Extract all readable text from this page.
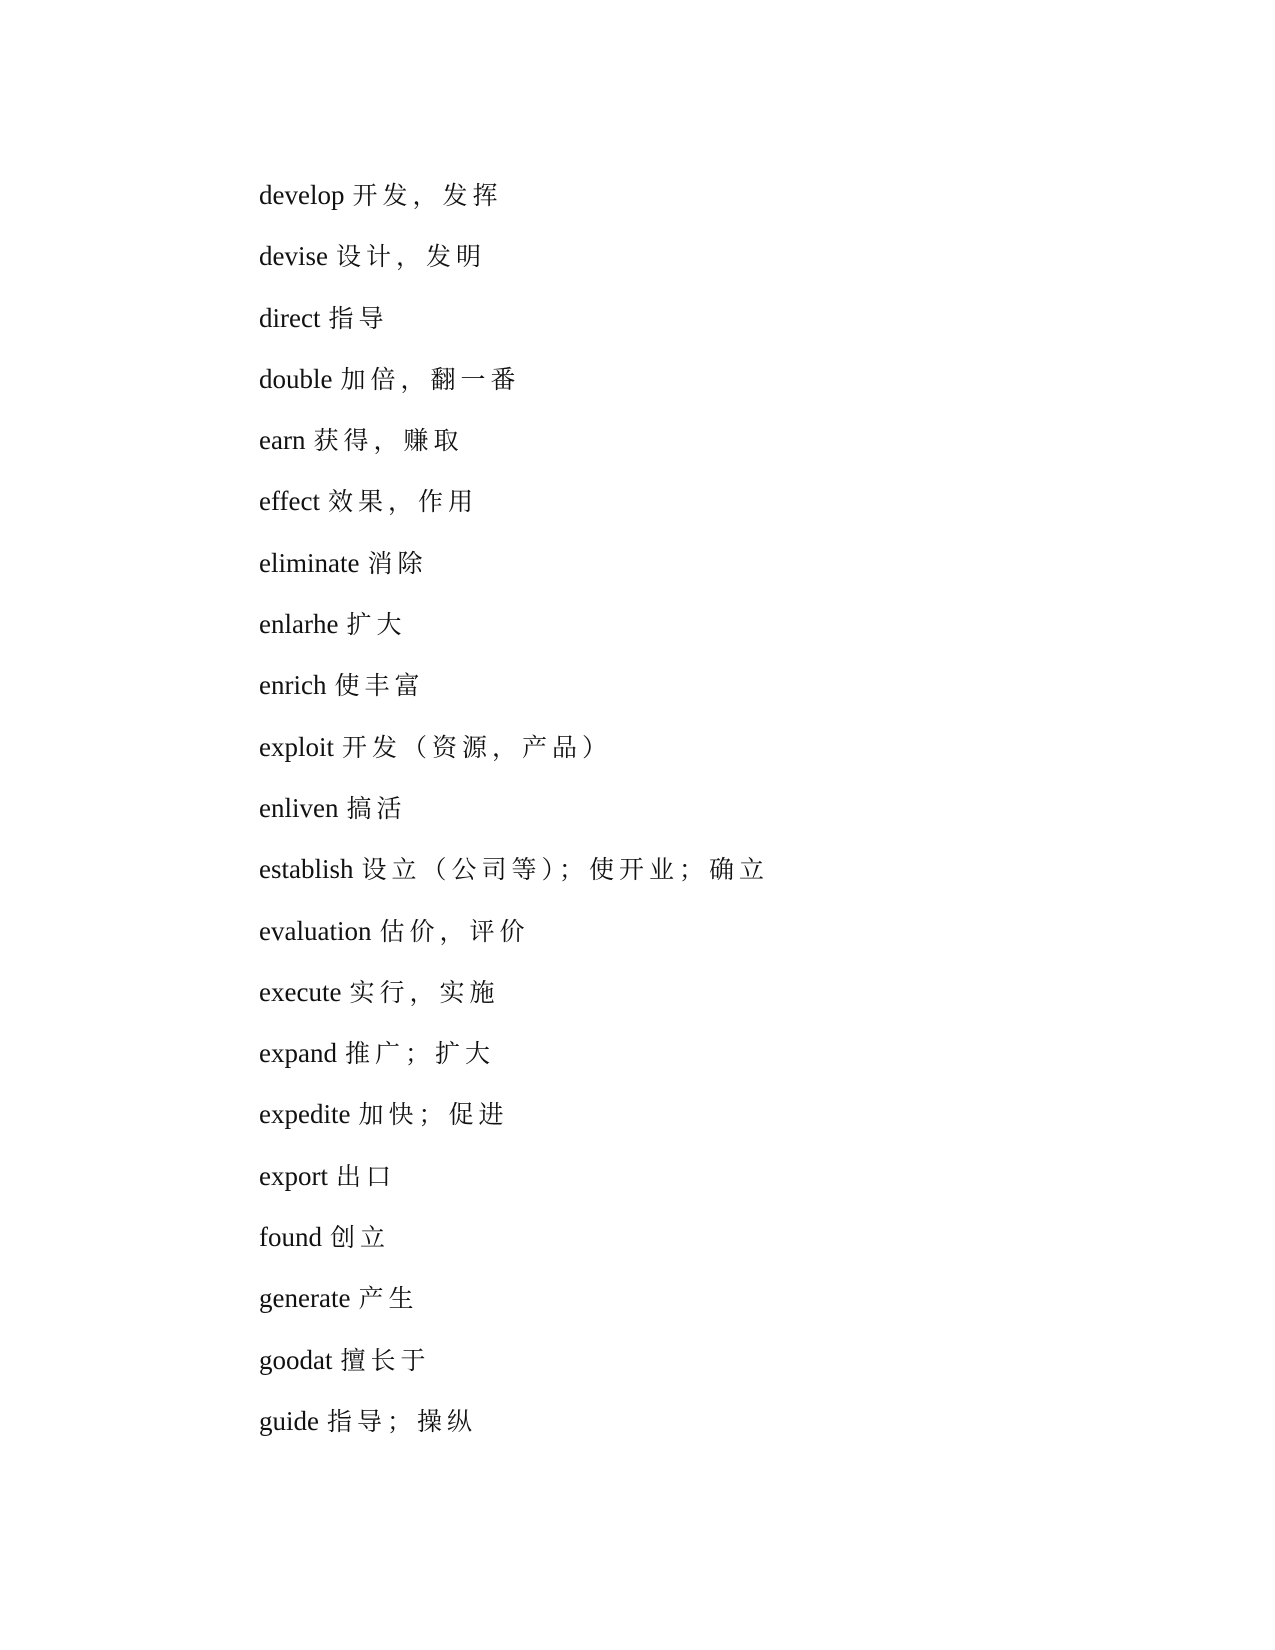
develop 开发，发挥
devise 设计，发明
direct 指导
double 加倍，翻一番
earn 获得，赚取
effect 效果，作用
eliminate 消除
enlarhe 扩大
enrich 使丰富
exploit 开发（资源，产品）
enliven 搞活
establish 设立（公司等）；使开业；确立
evaluation 估价，评价
execute 实行，实施
expand 推广；扩大
expedite 加快；促进
export 出口
found 创立
generate 产生
goodat 擅长于
guide 指导；操纵
